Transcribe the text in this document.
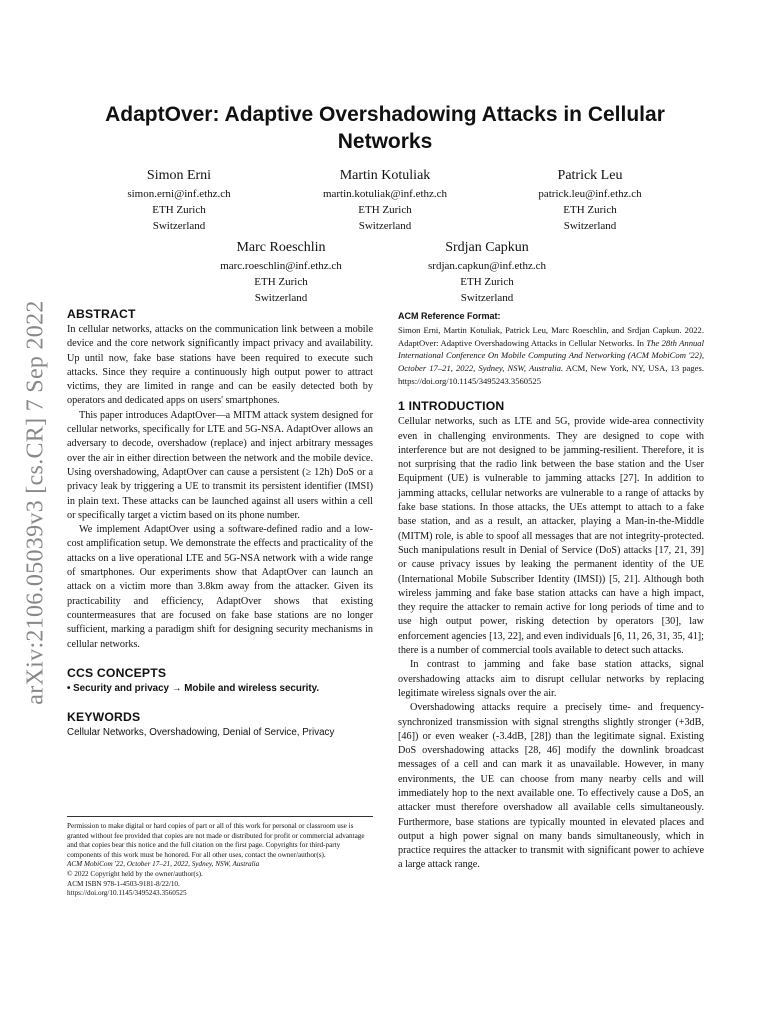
arXiv:2106.05039v3 [cs.CR] 7 Sep 2022
AdaptOver: Adaptive Overshadowing Attacks in Cellular Networks
Simon Erni
simon.erni@inf.ethz.ch
ETH Zurich
Switzerland
Martin Kotuliak
martin.kotuliak@inf.ethz.ch
ETH Zurich
Switzerland
Patrick Leu
patrick.leu@inf.ethz.ch
ETH Zurich
Switzerland
Marc Roeschlin
marc.roeschlin@inf.ethz.ch
ETH Zurich
Switzerland
Srdjan Capkun
srdjan.capkun@inf.ethz.ch
ETH Zurich
Switzerland
ABSTRACT

In cellular networks, attacks on the communication link between a mobile device and the core network significantly impact privacy and availability. Up until now, fake base stations have been required to execute such attacks. Since they require a continuously high output power to attract victims, they are limited in range and can be easily detected both by operators and dedicated apps on users' smartphones.

This paper introduces AdaptOver—a MITM attack system designed for cellular networks, specifically for LTE and 5G-NSA. AdaptOver allows an adversary to decode, overshadow (replace) and inject arbitrary messages over the air in either direction between the network and the mobile device. Using overshadowing, AdaptOver can cause a persistent (≥ 12h) DoS or a privacy leak by triggering a UE to transmit its persistent identifier (IMSI) in plain text. These attacks can be launched against all users within a cell or specifically target a victim based on its phone number.

We implement AdaptOver using a software-defined radio and a low-cost amplification setup. We demonstrate the effects and practicality of the attacks on a live operational LTE and 5G-NSA network with a wide range of smartphones. Our experiments show that AdaptOver can launch an attack on a victim more than 3.8km away from the attacker. Given its practicability and efficiency, AdaptOver shows that existing countermeasures that are focused on fake base stations are no longer sufficient, marking a paradigm shift for designing security mechanisms in cellular networks.

CCS CONCEPTS

• Security and privacy → Mobile and wireless security.

KEYWORDS

Cellular Networks, Overshadowing, Denial of Service, Privacy

Permission to make digital or hard copies of part or all of this work for personal or classroom use is granted without fee provided that copies are not made or distributed for profit or commercial advantage and that copies bear this notice and the full citation on the first page. Copyrights for third-party components of this work must be honored. For all other uses, contact the owner/author(s).

ACM MobiCom '22, October 17–21, 2022, Sydney, NSW, Australia

© 2022 Copyright held by the owner/author(s).

ACM ISBN 978-1-4503-9181-8/22/10.

https://doi.org/10.1145/3495243.3560525

ACM Reference Format:

Simon Erni, Martin Kotuliak, Patrick Leu, Marc Roeschlin, and Srdjan Capkun. 2022. AdaptOver: Adaptive Overshadowing Attacks in Cellular Networks. In The 28th Annual International Conference On Mobile Computing And Networking (ACM MobiCom '22), October 17–21, 2022, Sydney, NSW, Australia. ACM, New York, NY, USA, 13 pages. https://doi.org/10.1145/3495243.3560525

1 INTRODUCTION

Cellular networks, such as LTE and 5G, provide wide-area connectivity even in challenging environments. They are designed to cope with interference but are not designed to be jamming-resilient. Therefore, it is not surprising that the radio link between the base station and the User Equipment (UE) is vulnerable to jamming attacks [27]. In addition to jamming attacks, cellular networks are vulnerable to a range of attacks by fake base stations. In those attacks, the UEs attempt to attach to a fake base station, and as a result, an attacker, playing a Man-in-the-Middle (MITM) role, is able to spoof all messages that are not integrity-protected. Such manipulations result in Denial of Service (DoS) attacks [17, 21, 39] or cause privacy issues by leaking the permanent identity of the UE (International Mobile Subscriber Identity (IMSI)) [5, 21]. Although both wireless jamming and fake base station attacks can have a high impact, they require the attacker to remain active for long periods of time and to use high output power, risking detection by operators [30], law enforcement agencies [13, 22], and even individuals [6, 11, 26, 31, 35, 41]; there is a number of commercial tools available to detect such attacks.

In contrast to jamming and fake base station attacks, signal overshadowing attacks aim to disrupt cellular networks by replacing legitimate wireless signals over the air.

Overshadowing attacks require a precisely time- and frequency-synchronized transmission with signal strengths slightly stronger (+3dB, [46]) or even weaker (-3.4dB, [28]) than the legitimate signal. Existing DoS overshadowing attacks [28, 46] modify the downlink broadcast messages of a cell and can mark it as unavailable. However, in many environments, the UE can choose from many nearby cells and will immediately hop to the next available one. To effectively cause a DoS, an attacker must therefore overshadow all available cells simultaneously. Furthermore, base stations are typically mounted in elevated places and output a high power signal on many bands simultaneously, which in practice requires the attacker to transmit with significant power to achieve a large attack range.
